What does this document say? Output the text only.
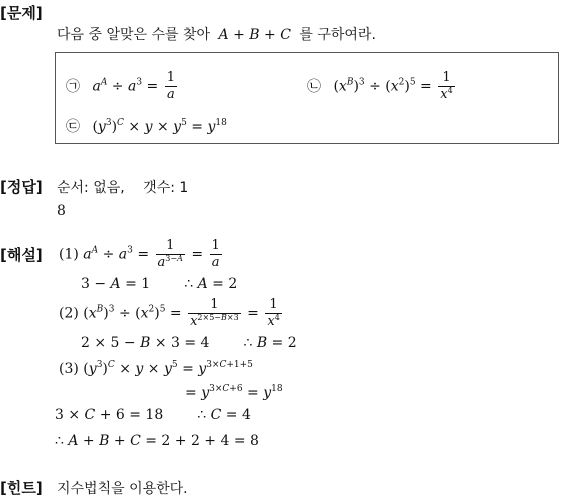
[문제]
다음 중 알맞은 수를 찾아 A + B + C 를 구하여라.
㉠ $a^A \div a^3 = \frac{1}{a}$	㉡ $(x^B)^3 \div (x^2)^5 = \frac{1}{x^4}$
㉢ $(y^3)^C \times y \times y^5 = y^{18}$
[정답] 순서: 없음, 갯수: 1
8
[해설] (1) $a^A \div a^3 = \frac{1}{a^{3-A}} = \frac{1}{a}$
3 − A = 1 ∴ A = 2
(2) $(x^B)^3 \div (x^2)^5 = \frac{1}{x^{2\times 5-B\times 3}} = \frac{1}{x^4}$
2 × 5 − B × 3 = 4 ∴ B = 2
(3) $(y^3)^C \times y \times y^5 = y^{3\times C+1+5}$
= $y^{3\times C+6} = y^{18}$
3 × C + 6 = 18 ∴ C = 4
∴ A + B + C = 2 + 2 + 4 = 8
[힌트] 지수법칙을 이용한다.
